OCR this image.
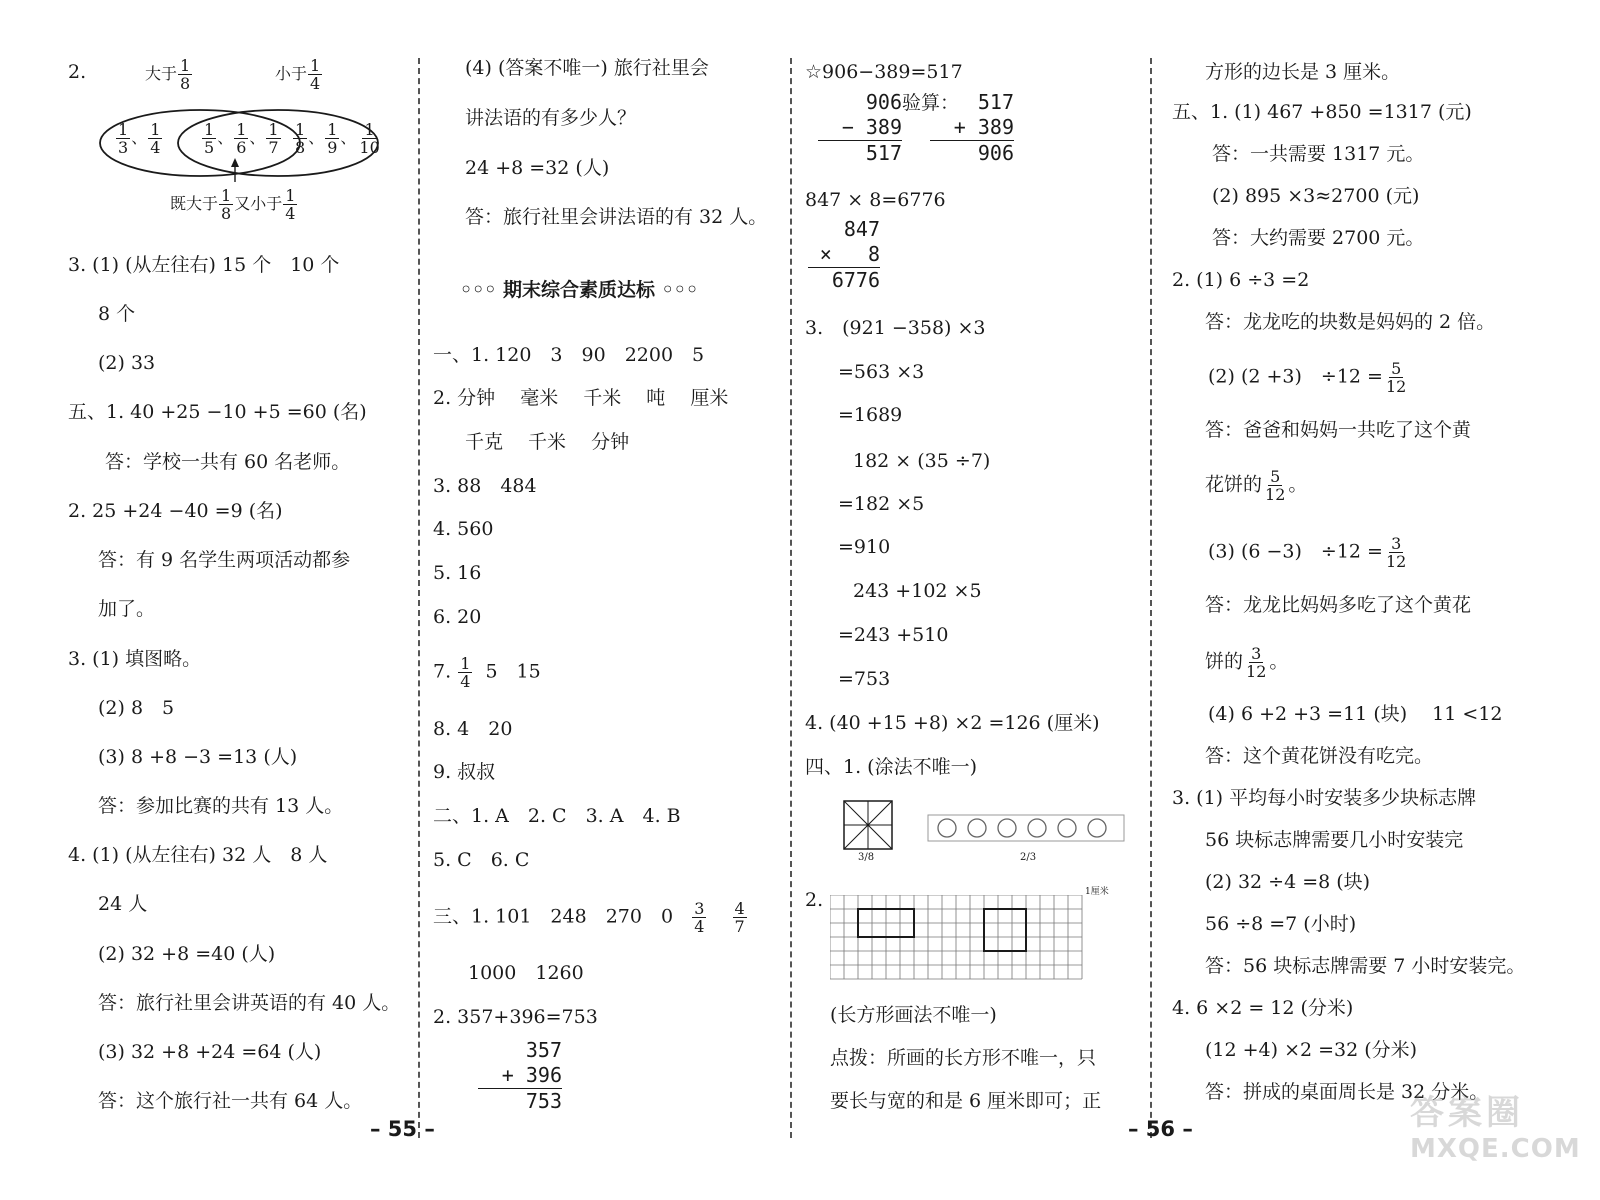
2.	大于 $\frac{1}{8}$	小于 $\frac{1}{4}$
$\frac{1}{3}$ 、 $\frac{1}{4} \frac{1}{5}$ 、 $\frac{1}{6}$ 、 $\frac{1}{7} \frac{1}{8}$ 、 $\frac{1}{9}$ 、 $\frac{1}{10}$
既大于 $\frac{1}{8}$ 又小于 $\frac{1}{4}$
3. (1) (从左往右) 15 个　10 个
8 个
(2) 33
五、1. 40 +25 −10 +5 =60 (名)
答：学校一共有 60 名老师。
2. 25 +24 −40 =9 (名)
答：有 9 名学生两项活动都参
加了。
3. (1) 填图略。
(2) 8　5
(3) 8 +8 −3 =13 (人)
答：参加比赛的共有 13 人。
4. (1) (从左往右) 32 人　8 人
24 人
(2) 32 +8 =40 (人)
答：旅行社里会讲英语的有 40 人。
(3) 32 +8 +24 =64 (人)
答：这个旅行社一共有 64 人。
(4) (答案不唯一) 旅行社里会
讲法语的有多少人？
24 +8 =32 (人)
答：旅行社里会讲法语的有 32 人。
◦◦◦ 期末综合素质达标 ◦◦◦
一、1. 120　3　90　2200　5
2. 分钟　 毫米　 千米　 吨　 厘米
千克　 千米　 分钟
3. 88　484
4. 560
5. 16
6. 20
7. $\frac{1}{4} 5$　15
8. 4　20
9. 叔叔
二、1. A　2. C　3. A　4. B
5. C　6. C
三、1. 101　248　270　$0 \frac{3}{4}$
$\frac{4}{7}$
1000　1260
2. 357+396=753
357
+ 396
753
☆906−389=517
906
− 389
517
验算： 517
+ 389
906
847 × 8=6776
847
×   8
6776
3.　(921 −358) ×3
=563 ×3
=1689
182 × (35 ÷7)
=182 ×5
=910
243 +102 ×5
=243 +510
=753
4. (40 +15 +8) ×2 =126 (厘米)
四、1. (涂法不唯一)
3/8	2/3
2.	1厘米
(长方形画法不唯一)
点拨：所画的长方形不唯一，只
要长与宽的和是 6 厘米即可；正
方形的边长是 3 厘米。
五、1. (1) 467 +850 =1317 (元)
答：一共需要 1317 元。
(2) 895 ×3≈2700 (元)
答：大约需要 2700 元。
2. (1) 6 ÷3 =2
答：龙龙吃的块数是妈妈的 2 倍。
(2) (2 +3)　$\div 12 = \frac{5}{12}$
答：爸爸和妈妈一共吃了这个黄
花饼的 $\frac{5}{12}$ 。
(3) (6 −3)　$\div 12 = \frac{3}{12}$
答：龙龙比妈妈多吃了这个黄花
饼的 $\frac{3}{12}$ 。
(4) 6 +2 +3 =11 (块)　 11 <12
答：这个黄花饼没有吃完。
3. (1) 平均每小时安装多少块标志牌
56 块标志牌需要几小时安装完
(2) 32 ÷4 =8 (块)
56 ÷8 =7 (小时)
答：56 块标志牌需要 7 小时安装完。
4. 6 ×2 = 12 (分米)
(12 +4) ×2 =32 (分米)
答：拼成的桌面周长是 32 分米。
– 55 –	– 56 –	答案圈
MXQE.COM
